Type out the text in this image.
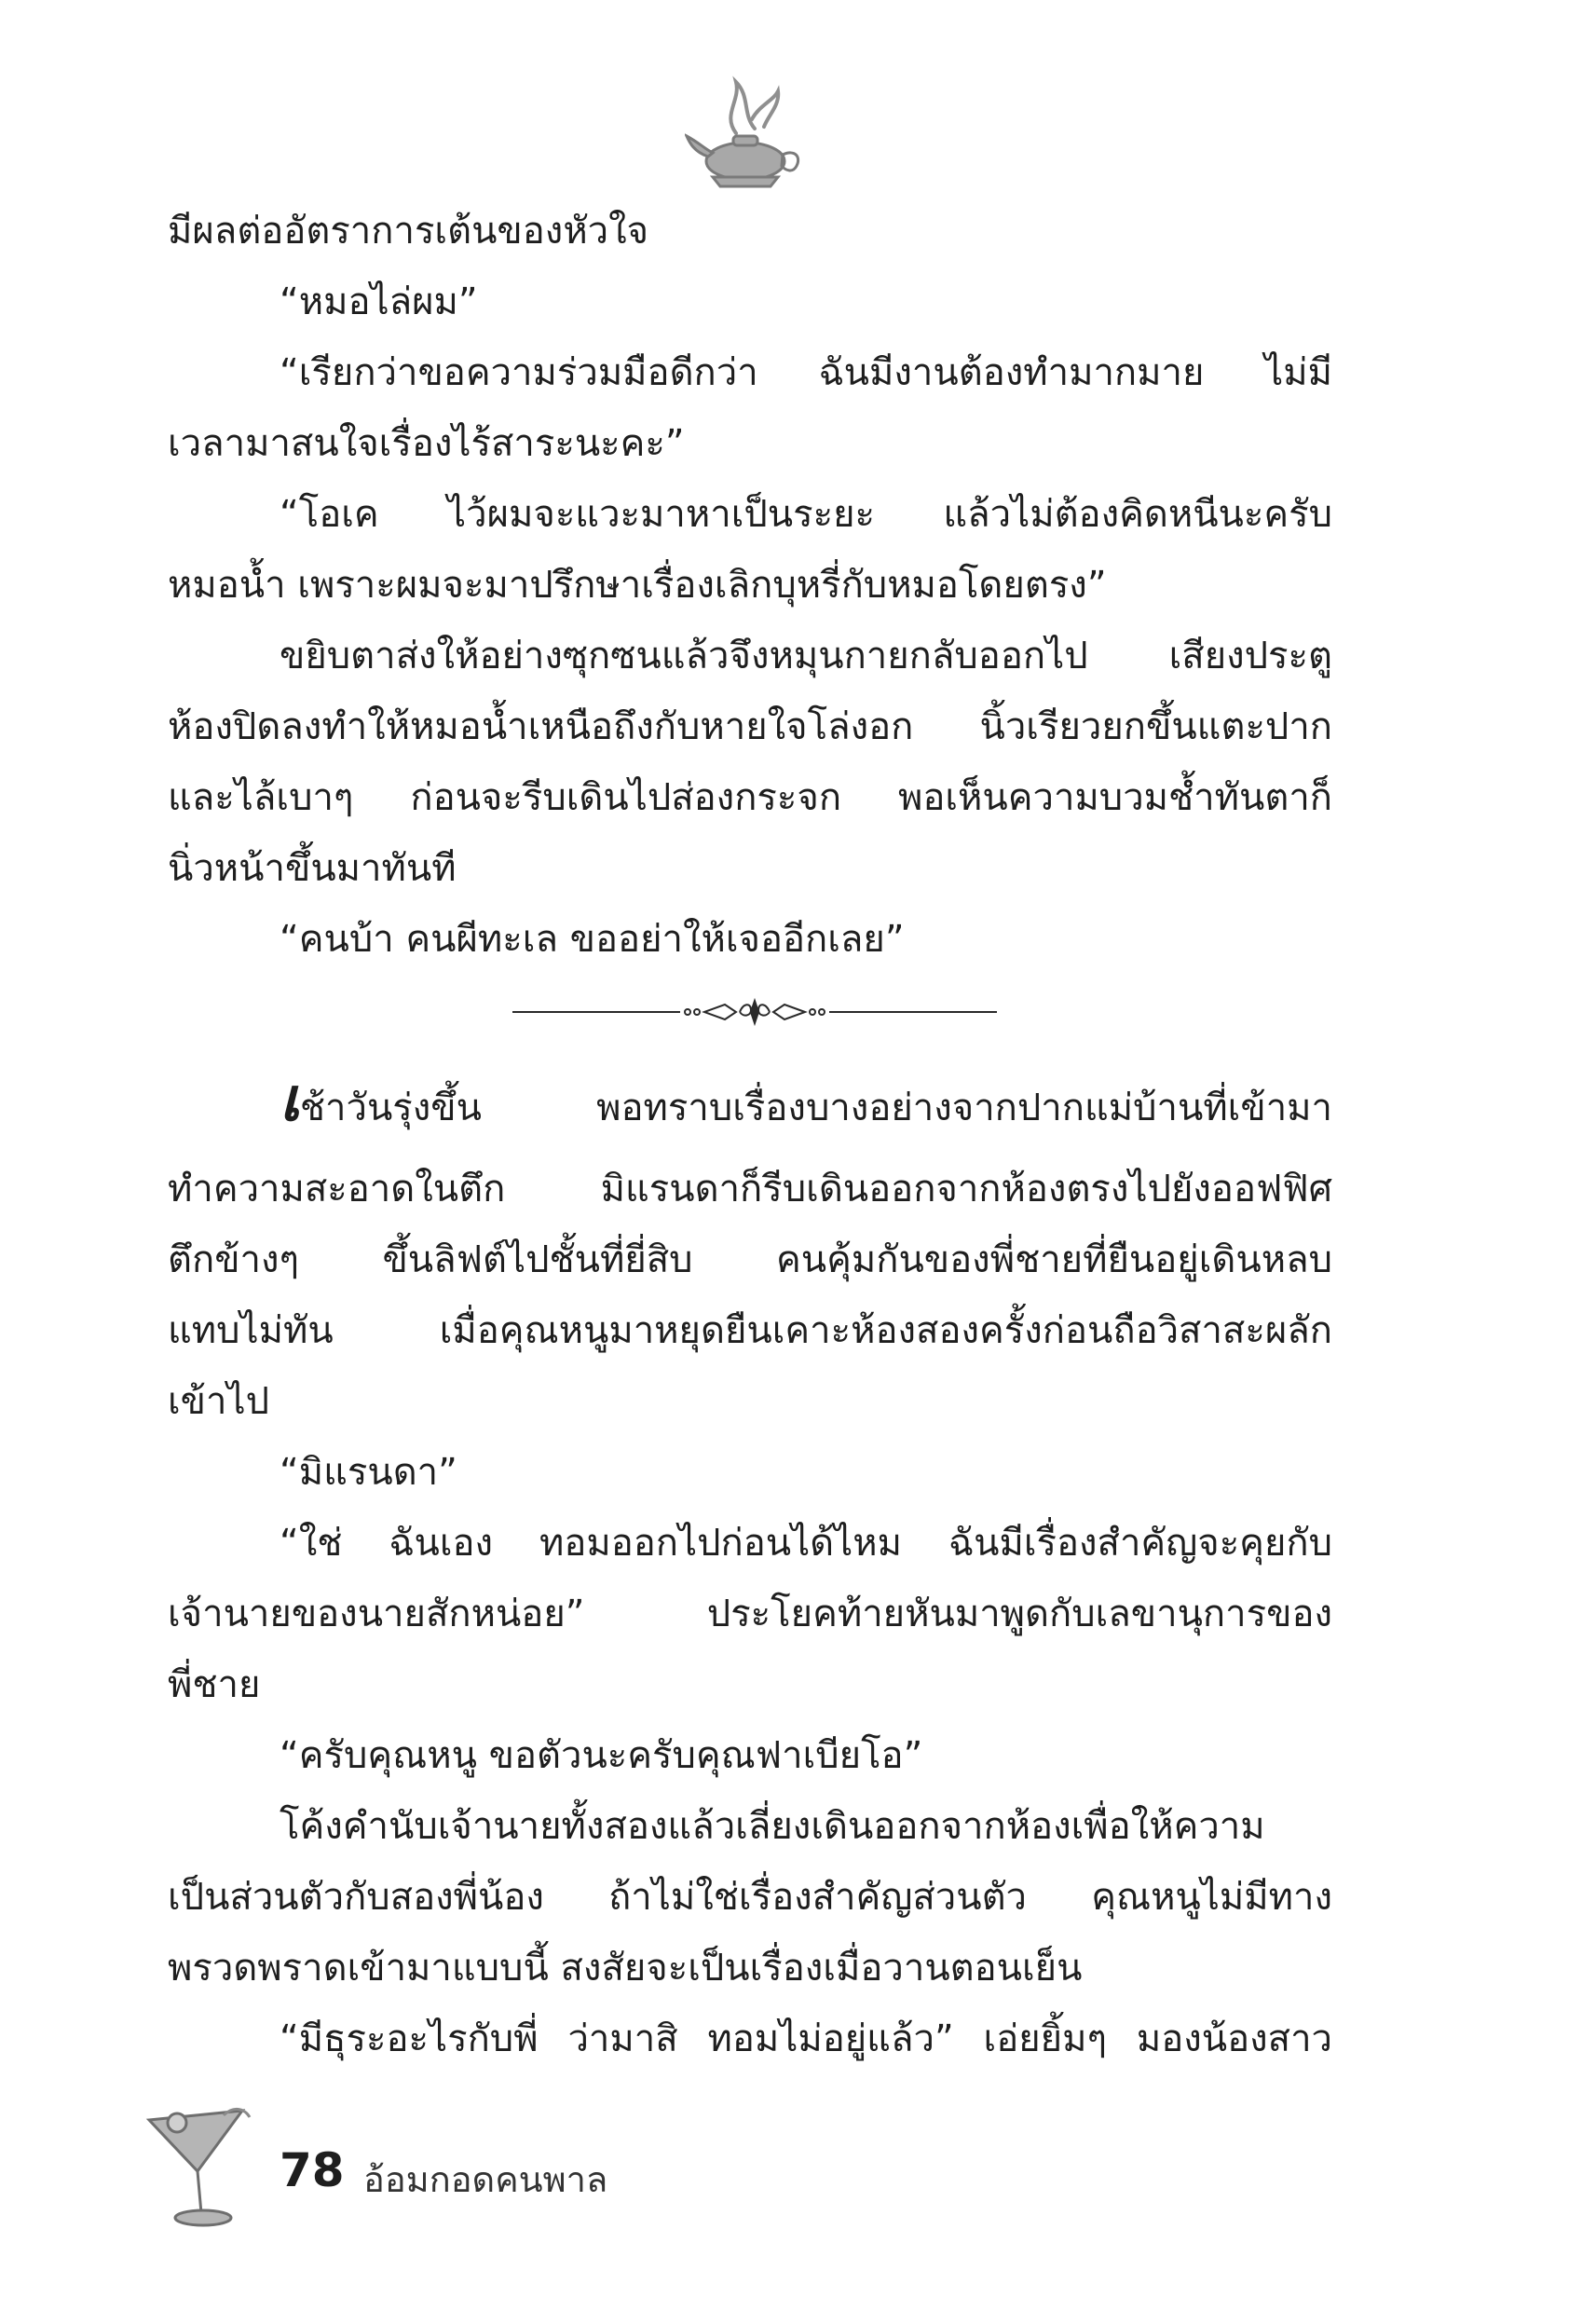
มีผลต่ออัตราการเต้นของหัวใจ
“หมอไล่ผม”
“เรียกว่าขอความร่วมมือดีกว่า ฉันมีงานต้องทำมากมาย ไม่มี
เวลามาสนใจเรื่องไร้สาระนะคะ”
“โอเค ไว้ผมจะแวะมาหาเป็นระยะ แล้วไม่ต้องคิดหนีนะครับ
หมอน้ำ เพราะผมจะมาปรึกษาเรื่องเลิกบุหรี่กับหมอโดยตรง”
ขยิบตาส่งให้อย่างซุกซนแล้วจึงหมุนกายกลับออกไป เสียงประตู
ห้องปิดลงทำให้หมอน้ำเหนือถึงกับหายใจโล่งอก นิ้วเรียวยกขึ้นแตะปาก
และไล้เบาๆ ก่อนจะรีบเดินไปส่องกระจก พอเห็นความบวมช้ำทันตาก็
นิ่วหน้าขึ้นมาทันที
“คนบ้า คนผีทะเล ขออย่าให้เจออีกเลย”
เช้าวันรุ่งขึ้น พอทราบเรื่องบางอย่างจากปากแม่บ้านที่เข้ามา
ทำความสะอาดในตึก มิแรนดาก็รีบเดินออกจากห้องตรงไปยังออฟฟิศ
ตึกข้างๆ ขึ้นลิฟต์ไปชั้นที่ยี่สิบ คนคุ้มกันของพี่ชายที่ยืนอยู่เดินหลบ
แทบไม่ทัน เมื่อคุณหนูมาหยุดยืนเคาะห้องสองครั้งก่อนถือวิสาสะผลัก
เข้าไป
“มิแรนดา”
“ใช่ ฉันเอง ทอมออกไปก่อนได้ไหม ฉันมีเรื่องสำคัญจะคุยกับ
เจ้านายของนายสักหน่อย” ประโยคท้ายหันมาพูดกับเลขานุการของ
พี่ชาย
“ครับคุณหนู ขอตัวนะครับคุณฟาเบียโอ”
โค้งคำนับเจ้านายทั้งสองแล้วเลี่ยงเดินออกจากห้องเพื่อให้ความ
เป็นส่วนตัวกับสองพี่น้อง ถ้าไม่ใช่เรื่องสำคัญส่วนตัว คุณหนูไม่มีทาง
พรวดพราดเข้ามาแบบนี้ สงสัยจะเป็นเรื่องเมื่อวานตอนเย็น
“มีธุระอะไรกับพี่ ว่ามาสิ ทอมไม่อยู่แล้ว” เอ่ยยิ้มๆ มองน้องสาว
78 อ้อมกอดคนพาล
